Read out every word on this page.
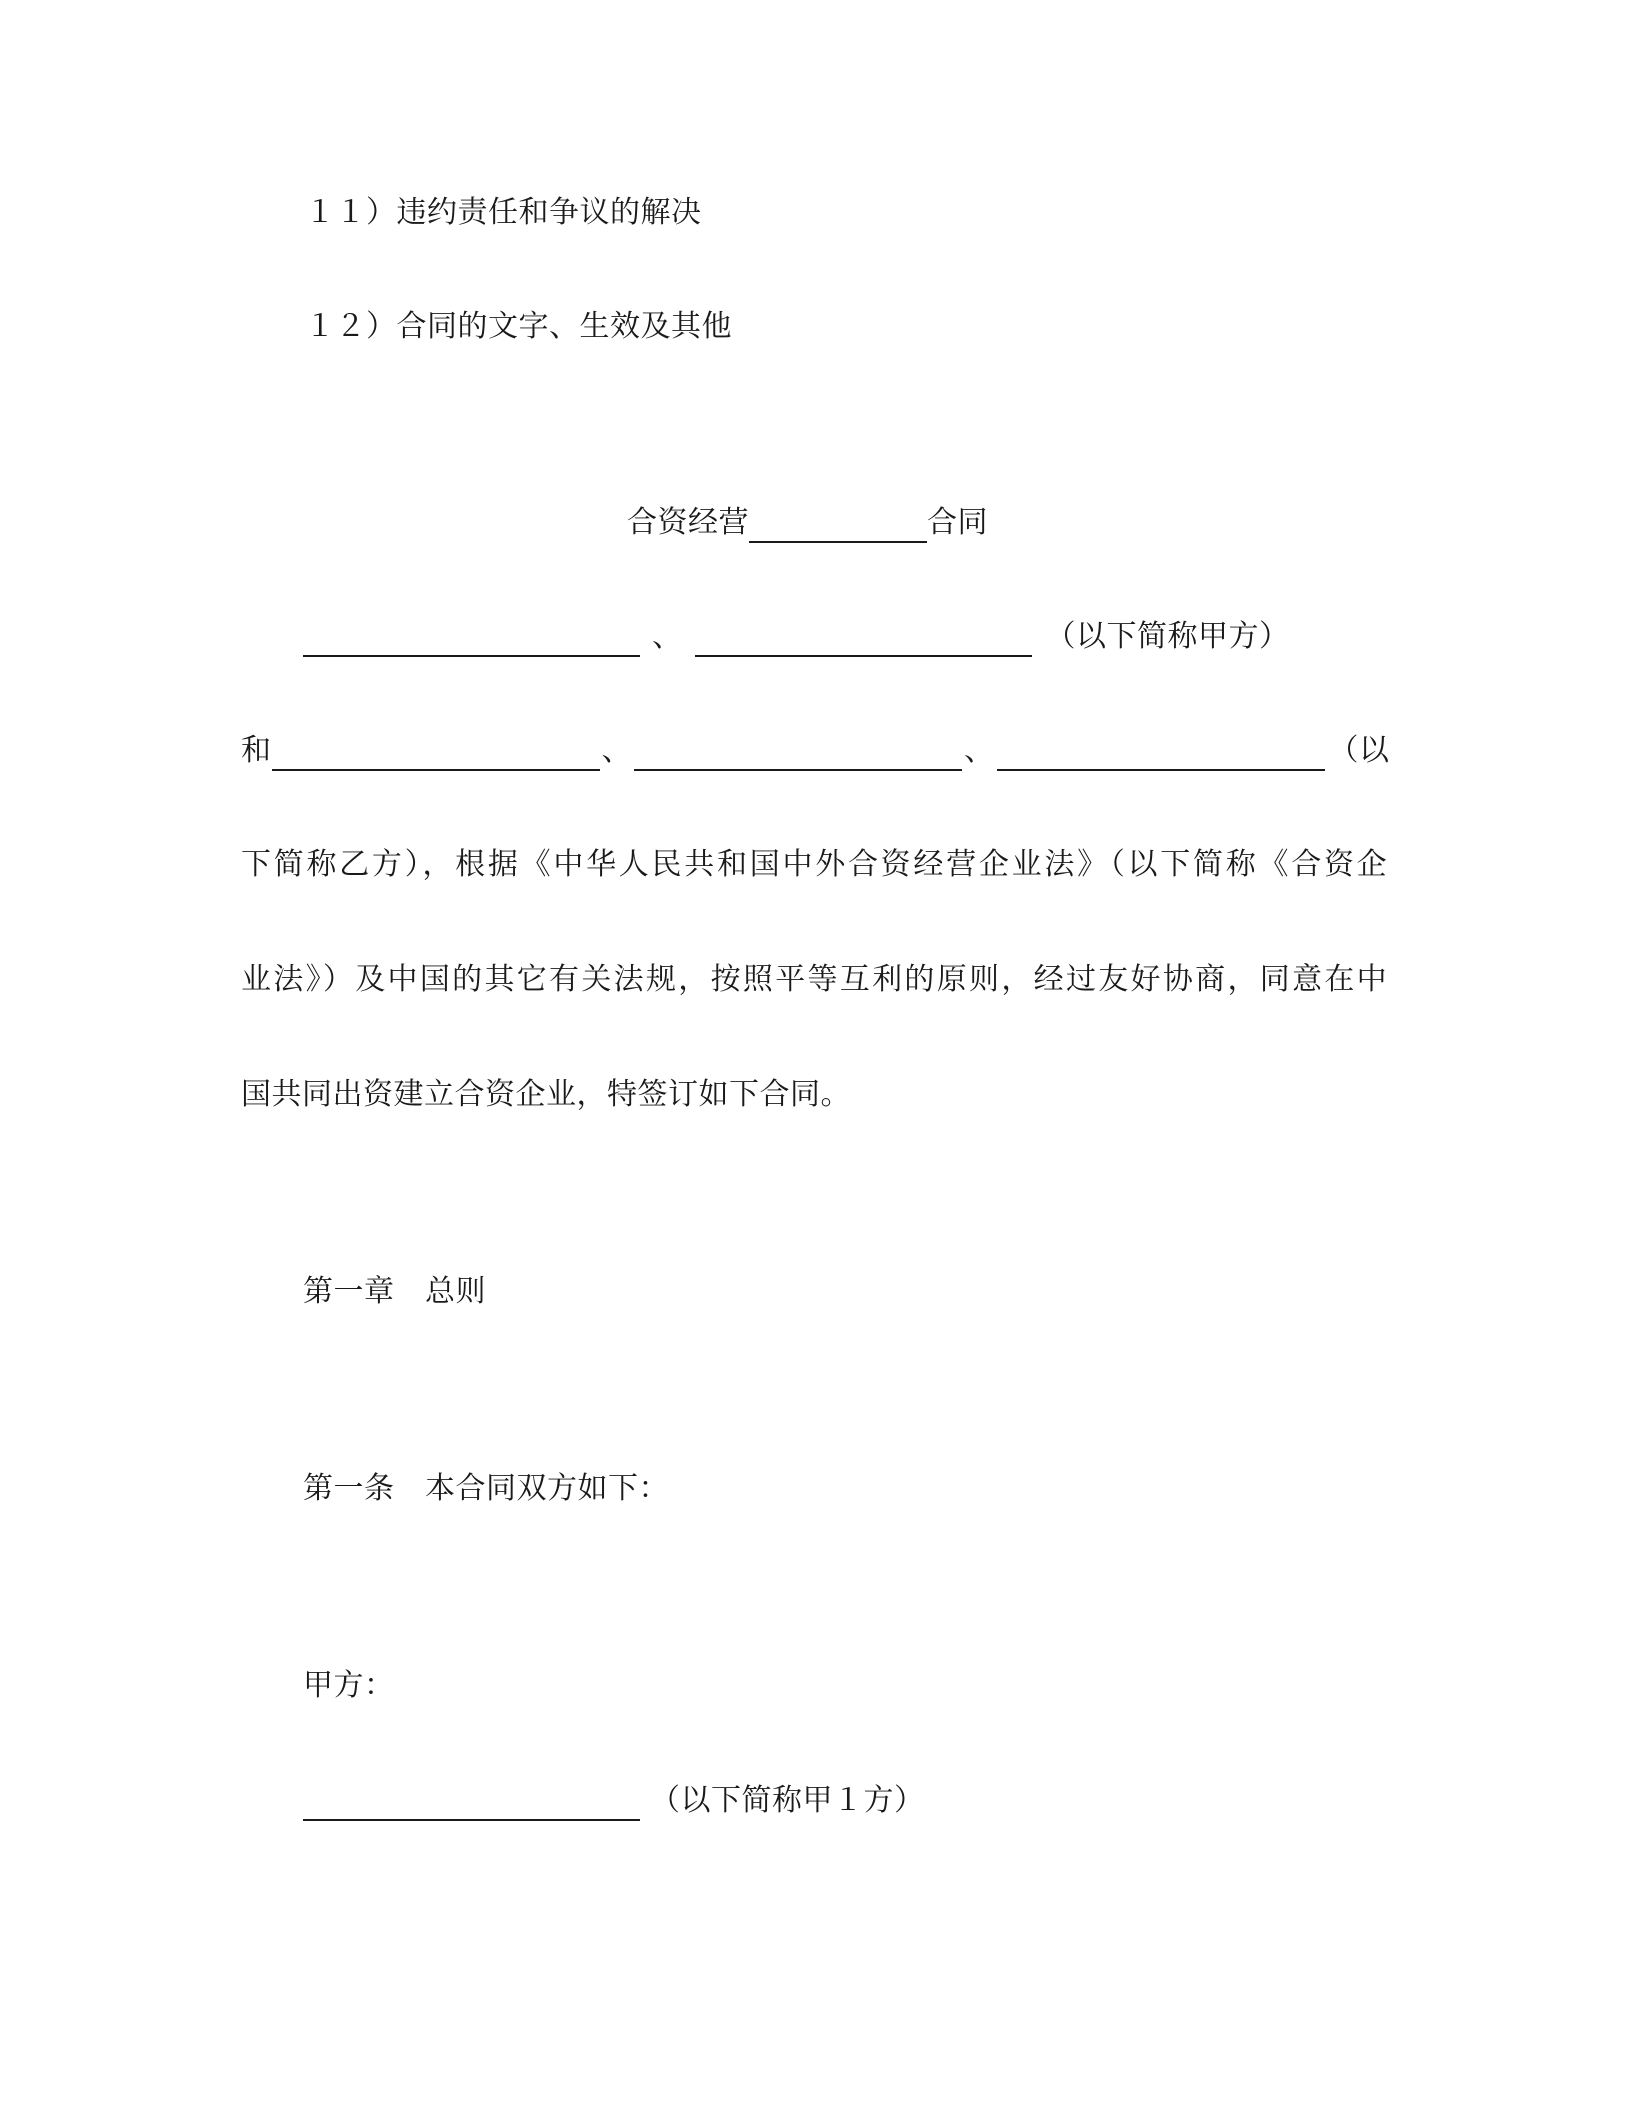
１１）违约责任和争议的解决
１２）合同的文字、生效及其他
合资经营	合同
、	（以下简称甲方）
和	、	、	（以
下简称乙方），根据《中华人民共和国中外合资经营企业法》（以下简称《合资企
业法》）及中国的其它有关法规，按照平等互利的原则，经过友好协商，同意在中
国共同出资建立合资企业，特签订如下合同。
第一章　总则
第一条　本合同双方如下：
甲方：
（以下简称甲１方）
